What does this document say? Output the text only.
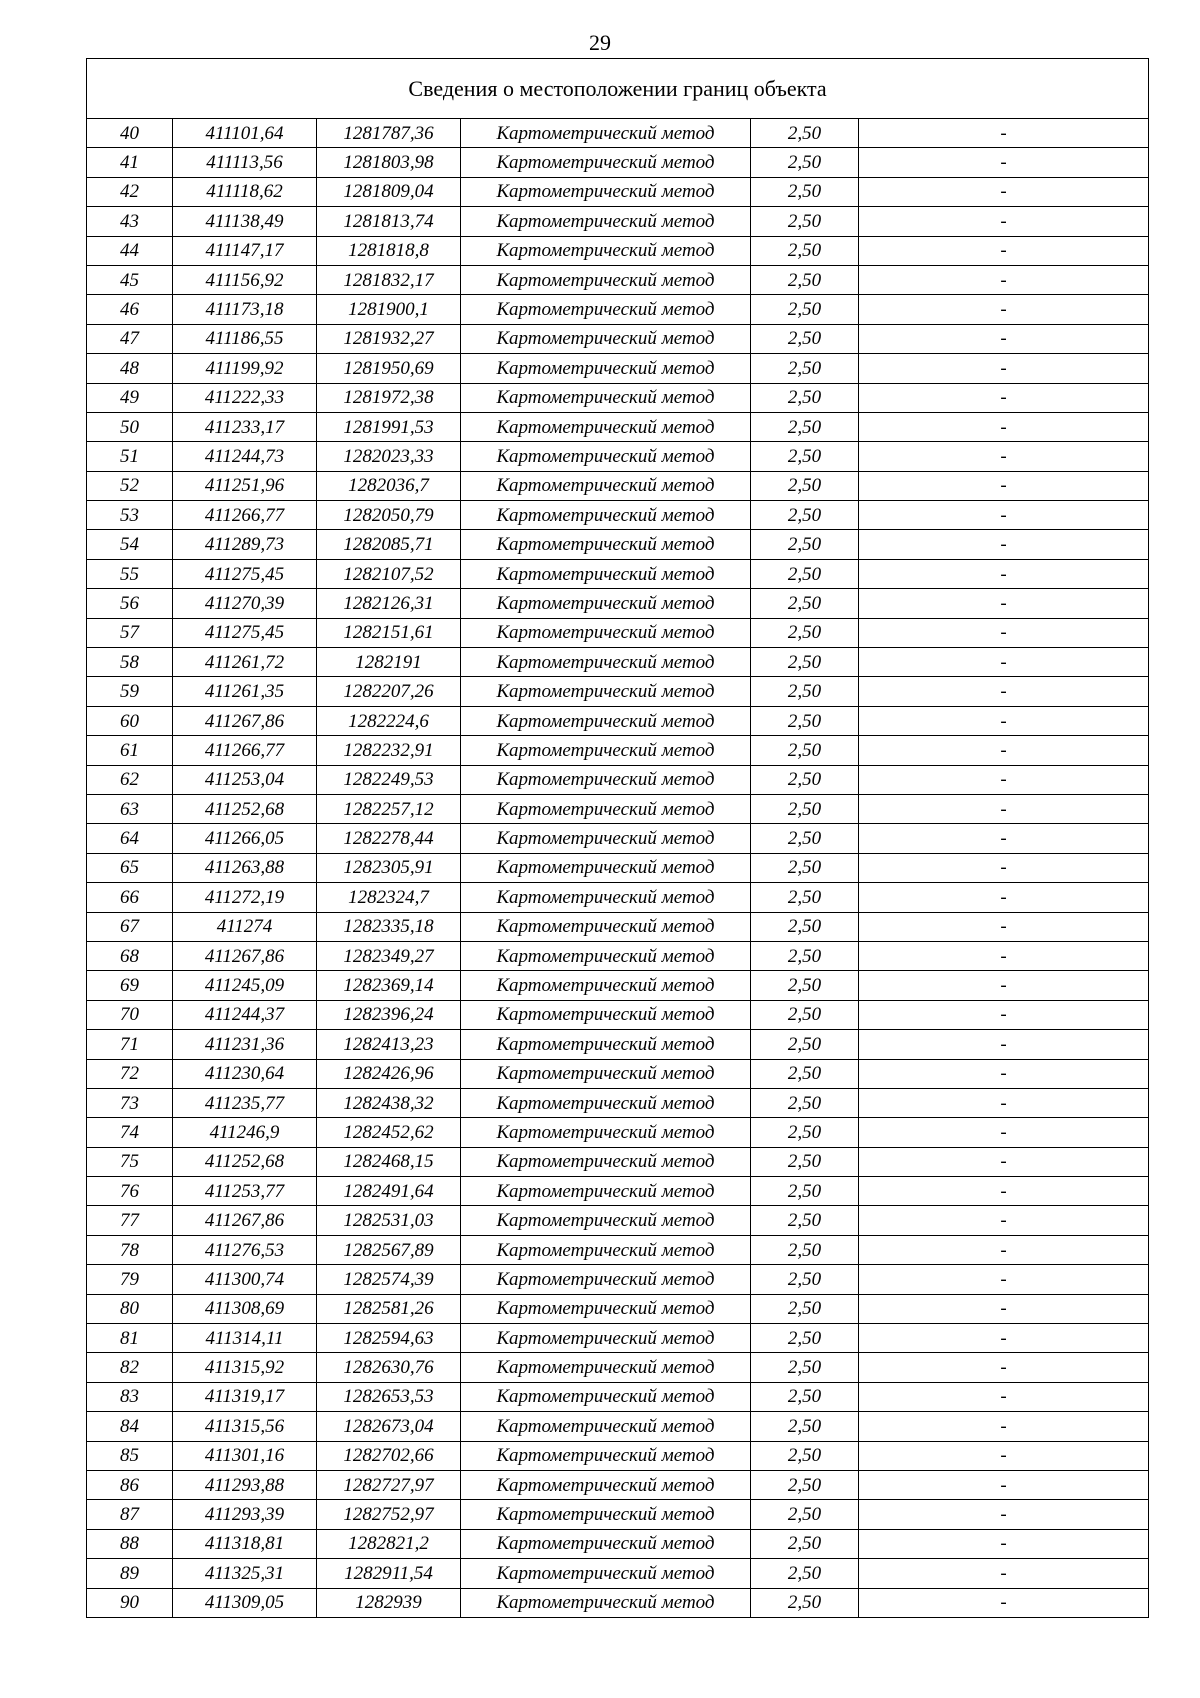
29
Сведения о местоположении границ объекта					
40	411101,64	1281787,36	Картометрический метод	2,50	-
41	411113,56	1281803,98	Картометрический метод	2,50	-
42	411118,62	1281809,04	Картометрический метод	2,50	-
43	411138,49	1281813,74	Картометрический метод	2,50	-
44	411147,17	1281818,8	Картометрический метод	2,50	-
45	411156,92	1281832,17	Картометрический метод	2,50	-
46	411173,18	1281900,1	Картометрический метод	2,50	-
47	411186,55	1281932,27	Картометрический метод	2,50	-
48	411199,92	1281950,69	Картометрический метод	2,50	-
49	411222,33	1281972,38	Картометрический метод	2,50	-
50	411233,17	1281991,53	Картометрический метод	2,50	-
51	411244,73	1282023,33	Картометрический метод	2,50	-
52	411251,96	1282036,7	Картометрический метод	2,50	-
53	411266,77	1282050,79	Картометрический метод	2,50	-
54	411289,73	1282085,71	Картометрический метод	2,50	-
55	411275,45	1282107,52	Картометрический метод	2,50	-
56	411270,39	1282126,31	Картометрический метод	2,50	-
57	411275,45	1282151,61	Картометрический метод	2,50	-
58	411261,72	1282191	Картометрический метод	2,50	-
59	411261,35	1282207,26	Картометрический метод	2,50	-
60	411267,86	1282224,6	Картометрический метод	2,50	-
61	411266,77	1282232,91	Картометрический метод	2,50	-
62	411253,04	1282249,53	Картометрический метод	2,50	-
63	411252,68	1282257,12	Картометрический метод	2,50	-
64	411266,05	1282278,44	Картометрический метод	2,50	-
65	411263,88	1282305,91	Картометрический метод	2,50	-
66	411272,19	1282324,7	Картометрический метод	2,50	-
67	411274	1282335,18	Картометрический метод	2,50	-
68	411267,86	1282349,27	Картометрический метод	2,50	-
69	411245,09	1282369,14	Картометрический метод	2,50	-
70	411244,37	1282396,24	Картометрический метод	2,50	-
71	411231,36	1282413,23	Картометрический метод	2,50	-
72	411230,64	1282426,96	Картометрический метод	2,50	-
73	411235,77	1282438,32	Картометрический метод	2,50	-
74	411246,9	1282452,62	Картометрический метод	2,50	-
75	411252,68	1282468,15	Картометрический метод	2,50	-
76	411253,77	1282491,64	Картометрический метод	2,50	-
77	411267,86	1282531,03	Картометрический метод	2,50	-
78	411276,53	1282567,89	Картометрический метод	2,50	-
79	411300,74	1282574,39	Картометрический метод	2,50	-
80	411308,69	1282581,26	Картометрический метод	2,50	-
81	411314,11	1282594,63	Картометрический метод	2,50	-
82	411315,92	1282630,76	Картометрический метод	2,50	-
83	411319,17	1282653,53	Картометрический метод	2,50	-
84	411315,56	1282673,04	Картометрический метод	2,50	-
85	411301,16	1282702,66	Картометрический метод	2,50	-
86	411293,88	1282727,97	Картометрический метод	2,50	-
87	411293,39	1282752,97	Картометрический метод	2,50	-
88	411318,81	1282821,2	Картометрический метод	2,50	-
89	411325,31	1282911,54	Картометрический метод	2,50	-
90	411309,05	1282939	Картометрический метод	2,50	-
